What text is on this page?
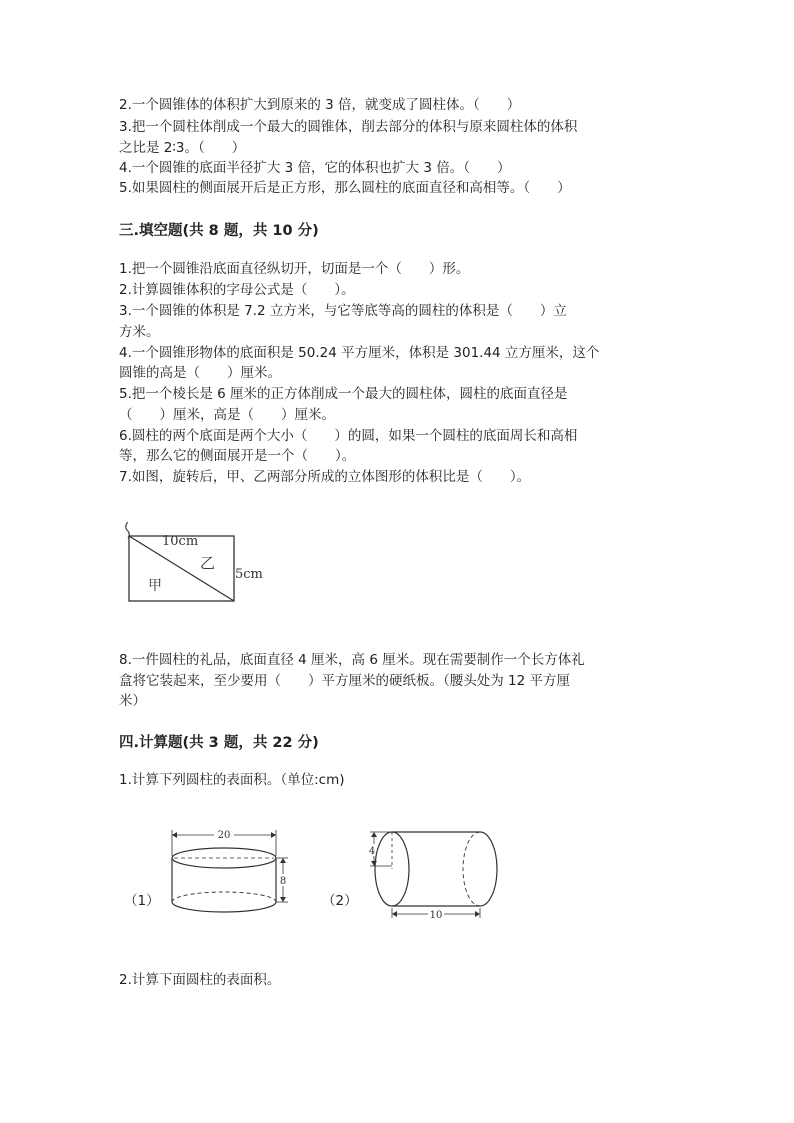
2.一个圆锥体的体积扩大到原来的 3 倍，就变成了圆柱体。（　　）
3.把一个圆柱体削成一个最大的圆锥体，削去部分的体积与原来圆柱体的体积
之比是 2∶3。（　　）
4.一个圆锥的底面半径扩大 3 倍，它的体积也扩大 3 倍。（　　）
5.如果圆柱的侧面展开后是正方形，那么圆柱的底面直径和高相等。（　　）
三.填空题(共 8 题，共 10 分)
1.把一个圆锥沿底面直径纵切开，切面是一个（　　）形。
2.计算圆锥体积的字母公式是（　　）。
3.一个圆锥的体积是 7.2 立方米，与它等底等高的圆柱的体积是（　　）立
方米。
4.一个圆锥形物体的底面积是 50.24 平方厘米，体积是 301.44 立方厘米，这个
圆锥的高是（　　）厘米。
5.把一个棱长是 6 厘米的正方体削成一个最大的圆柱体，圆柱的底面直径是
（　　）厘米，高是（　　）厘米。
6.圆柱的两个底面是两个大小（　　）的圆，如果一个圆柱的底面周长和高相
等，那么它的侧面展开是一个（　　）。
7.如图，旋转后，甲、乙两部分所成的立体图形的体积比是（　　）。
10cm
5cm
甲
乙
8.一件圆柱的礼品，底面直径 4 厘米，高 6 厘米。现在需要制作一个长方体礼
盒将它装起来，至少要用（　　）平方厘米的硬纸板。（腰头处为 12 平方厘
米）
四.计算题(共 3 题，共 22 分)
1.计算下列圆柱的表面积。（单位:cm)
（1）
20
8
（2）
4
10
2.计算下面圆柱的表面积。
